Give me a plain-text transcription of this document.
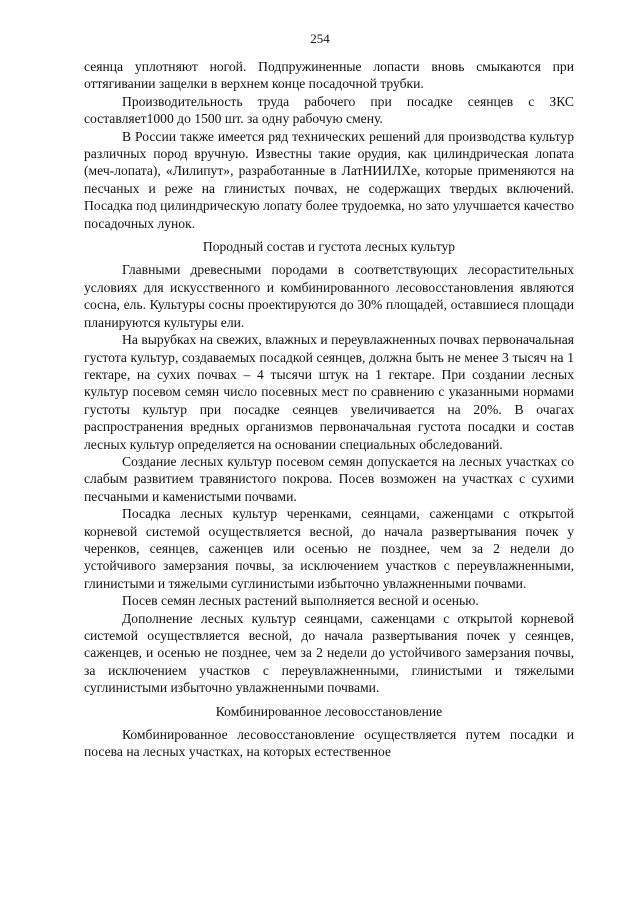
254

сеянца уплотняют ногой. Подпружиненные лопасти вновь смыкаются при оттягивании защелки в верхнем конце посадочной трубки.

Производительность труда рабочего при посадке сеянцев с ЗКС составляет1000 до 1500 шт. за одну рабочую смену.

В России также имеется ряд технических решений для производства культур различных пород вручную. Известны такие орудия, как цилиндрическая лопата (меч-лопата), «Лилипут», разработанные в ЛатНИИЛХе, которые применяются на песчаных и реже на глинистых почвах, не содержащих твердых включений. Посадка под цилиндрическую лопату более трудоемка, но зато улучшается качество посадочных лунок.

Породный состав и густота лесных культур

Главными древесными породами в соответствующих лесорастительных условиях для искусственного и комбинированного лесовосстановления являются сосна, ель. Культуры сосны проектируются до 30% площадей, оставшиеся площади планируются культуры ели.

На вырубках на свежих, влажных и переувлажненных почвах первоначальная густота культур, создаваемых посадкой сеянцев, должна быть не менее 3 тысяч на 1 гектаре, на сухих почвах – 4 тысячи штук на 1 гектаре. При создании лесных культур посевом семян число посевных мест по сравнению с указанными нормами густоты культур при посадке сеянцев увеличивается на 20%. В очагах распространения вредных организмов первоначальная густота посадки и состав лесных культур определяется на основании специальных обследований.

Создание лесных культур посевом семян допускается на лесных участках со слабым развитием травянистого покрова. Посев возможен на участках с сухими песчаными и каменистыми почвами.

Посадка лесных культур черенками, сеянцами, саженцами с открытой корневой системой осуществляется весной, до начала развертывания почек у черенков, сеянцев, саженцев или осенью не позднее, чем за 2 недели до устойчивого замерзания почвы, за исключением участков с переувлажненными, глинистыми и тяжелыми суглинистыми избыточно увлажненными почвами.

Посев семян лесных растений выполняется весной и осенью.

Дополнение лесных культур сеянцами, саженцами с открытой корневой системой осуществляется весной, до начала развертывания почек у сеянцев, саженцев, и осенью не позднее, чем за 2 недели до устойчивого замерзания почвы, за исключением участков с переувлажненными, глинистыми и тяжелыми суглинистыми избыточно увлажненными почвами.

Комбинированное лесовосстановление

Комбинированное лесовосстановление осуществляется путем посадки и посева на лесных участках, на которых естественное
